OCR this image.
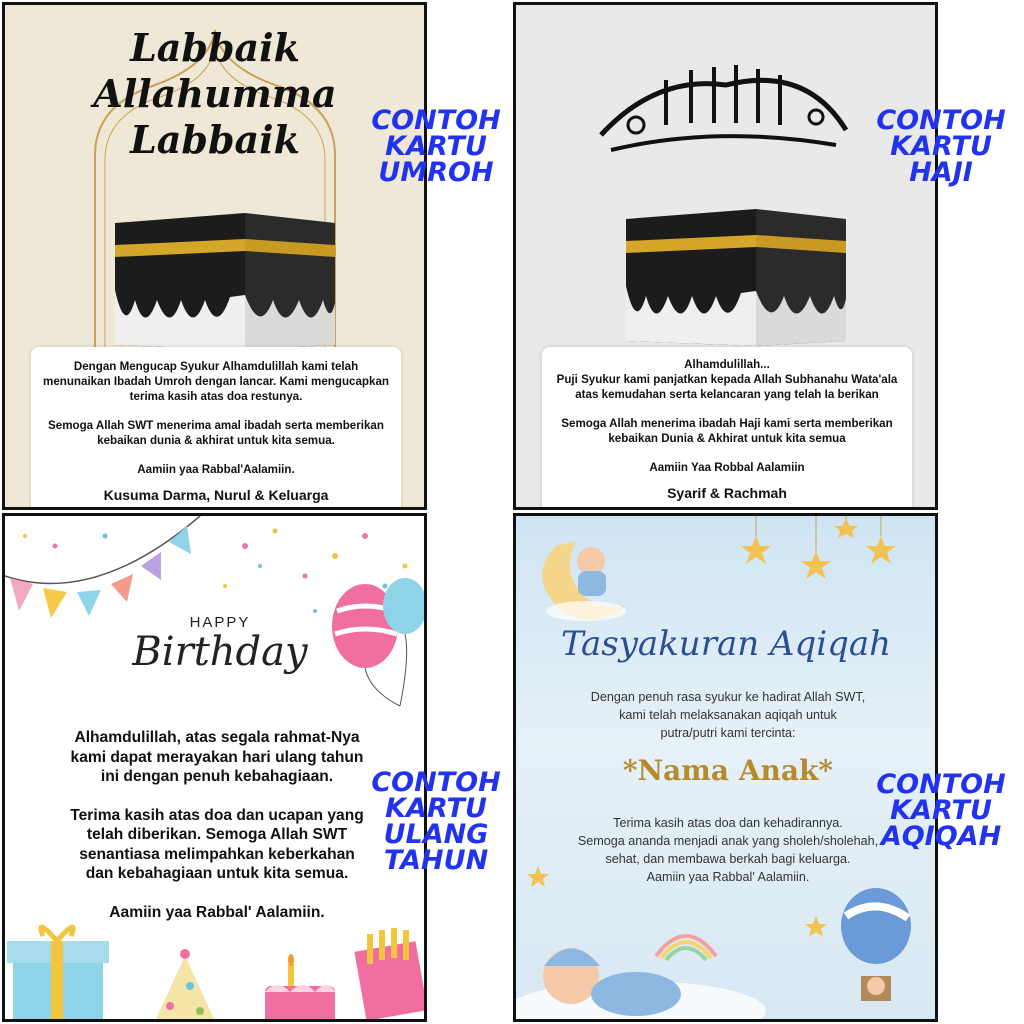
Labbaik
Allahumma
Labbaik

Dengan Mengucap Syukur Alhamdulillah kami telah

menunaikan Ibadah Umroh dengan lancar. Kami mengucapkan

terima kasih atas doa restunya.

Semoga Allah SWT menerima amal ibadah serta memberikan

kebaikan dunia & akhirat untuk kita semua.

Aamiin yaa Rabbal'Aalamiin.

Kusuma Darma, Nurul & Keluarga

Alhamdulillah...

Puji Syukur kami panjatkan kepada Allah Subhanahu Wata'ala

atas kemudahan serta kelancaran yang telah Ia berikan

Semoga Allah menerima ibadah Haji kami serta memberikan

kebaikan Dunia & Akhirat untuk kita semua

Aamiin Yaa Robbal Aalamiin

Syarif & Rachmah
HAPPY
Birthday
Alhamdulillah, atas segala rahmat-Nya
kami dapat merayakan hari ulang tahun
ini dengan penuh kebahagiaan.
Terima kasih atas doa dan ucapan yang
telah diberikan. Semoga Allah SWT
senantiasa melimpahkan keberkahan
dan kebahagiaan untuk kita semua.
Aamiin yaa Rabbal' Aalamiin.
Tasyakuran Aqiqah
Dengan penuh rasa syukur ke hadirat Allah SWT,
kami telah melaksanakan aqiqah untuk
putra/putri kami tercinta:
*Nama Anak*
Terima kasih atas doa dan kehadirannya.
Semoga ananda menjadi anak yang sholeh/sholehah,
sehat, dan membawa berkah bagi keluarga.
Aamiin yaa Rabbal' Aalamiin.
CONTOH
KARTU
UMROH
CONTOH
KARTU
HAJI
CONTOH
KARTU
ULANG
TAHUN
CONTOH
KARTU
AQIQAH
